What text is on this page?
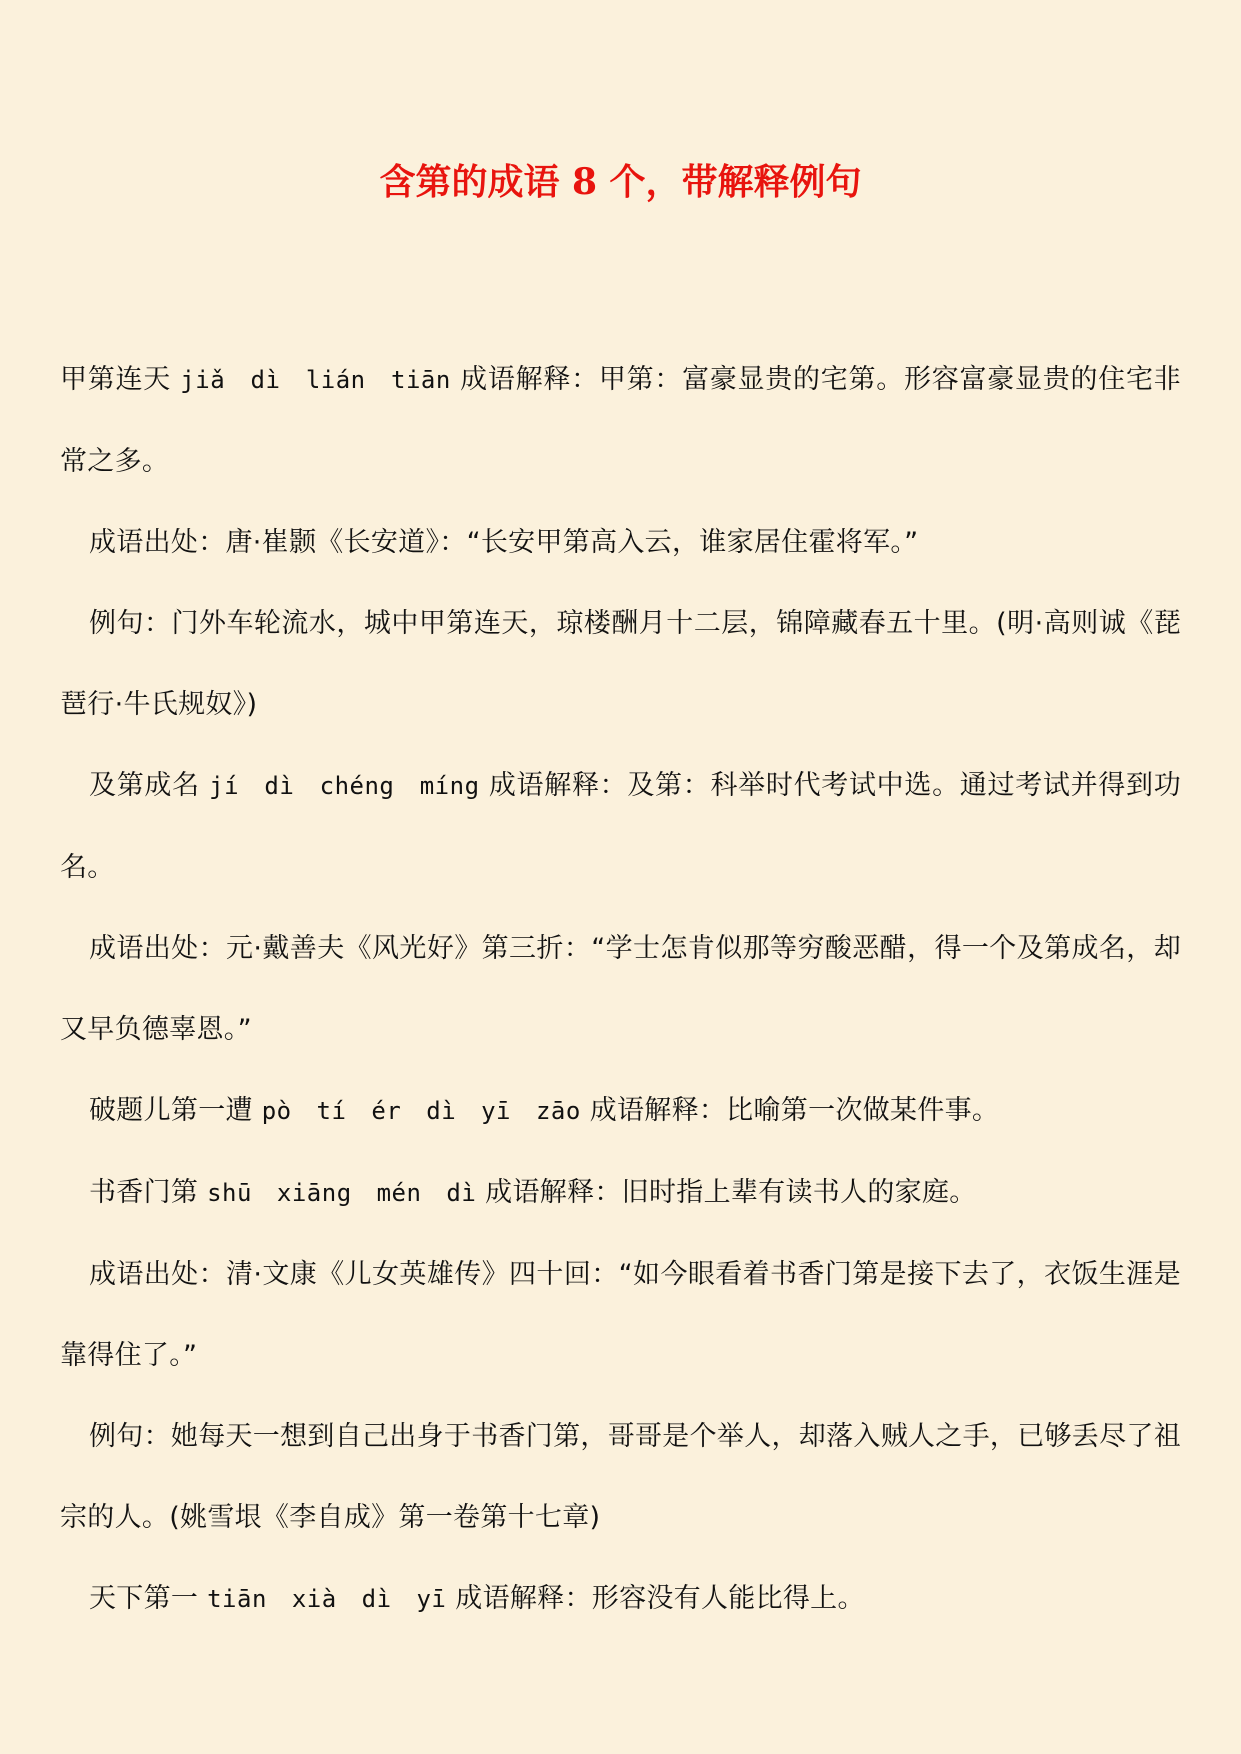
含第的成语 8 个，带解释例句

甲第连天 jiǎ dì lián tiān 成语解释：甲第：富豪显贵的宅第。形容富豪显贵的住宅非常之多。

成语出处：唐·崔颢《长安道》：“长安甲第高入云，谁家居住霍将军。”

例句：门外车轮流水，城中甲第连天，琼楼酬月十二层，锦障藏春五十里。(明·高则诚《琵琶行·牛氏规奴》)

及第成名 jí dì chéng míng 成语解释：及第：科举时代考试中选。通过考试并得到功名。

成语出处：元·戴善夫《风光好》第三折：“学士怎肯似那等穷酸恶醋，得一个及第成名，却又早负德辜恩。”

破题儿第一遭 pò tí ér dì yī zāo 成语解释：比喻第一次做某件事。

书香门第 shū xiāng mén dì 成语解释：旧时指上辈有读书人的家庭。

成语出处：清·文康《儿女英雄传》四十回：“如今眼看着书香门第是接下去了，衣饭生涯是靠得住了。”

例句：她每天一想到自己出身于书香门第，哥哥是个举人，却落入贼人之手，已够丢尽了祖宗的人。(姚雪垠《李自成》第一卷第十七章)

天下第一 tiān xià dì yī 成语解释：形容没有人能比得上。
